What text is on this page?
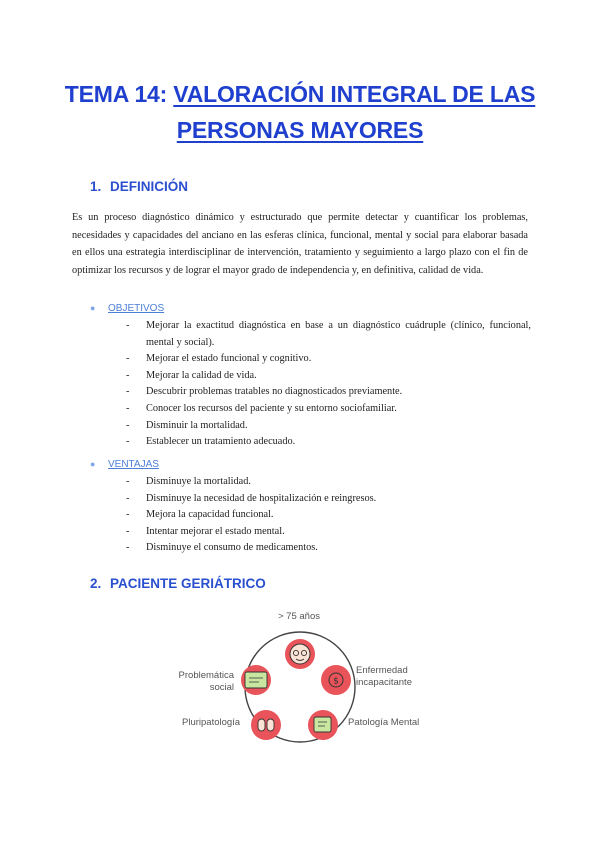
TEMA 14: VALORACIÓN INTEGRAL DE LAS
PERSONAS MAYORES
1. DEFINICIÓN
Es un proceso diagnóstico dinámico y estructurado que permite detectar y cuantificar los problemas, necesidades y capacidades del anciano en las esferas clínica, funcional, mental y social para elaborar basada en ellos una estrategia interdisciplinar de intervención, tratamiento y seguimiento a largo plazo con el fin de optimizar los recursos y de lograr el mayor grado de independencia y, en definitiva, calidad de vida.
● OBJETIVOS
- Mejorar la exactitud diagnóstica en base a un diagnóstico cuádruple (clínico, funcional, mental y social).
- Mejorar el estado funcional y cognitivo.
- Mejorar la calidad de vida.
- Descubrir problemas tratables no diagnosticados previamente.
- Conocer los recursos del paciente y su entorno sociofamiliar.
- Disminuir la mortalidad.
- Establecer un tratamiento adecuado.
● VENTAJAS
- Disminuye la mortalidad.
- Disminuye la necesidad de hospitalización e reingresos.
- Mejora la capacidad funcional.
- Intentar mejorar el estado mental.
- Disminuye el consumo de medicamentos.
2. PACIENTE GERIÁTRICO
$
> 75 años
Enfermedad
incapacitante
Patología Mental
Pluripatología
Problemática
social
